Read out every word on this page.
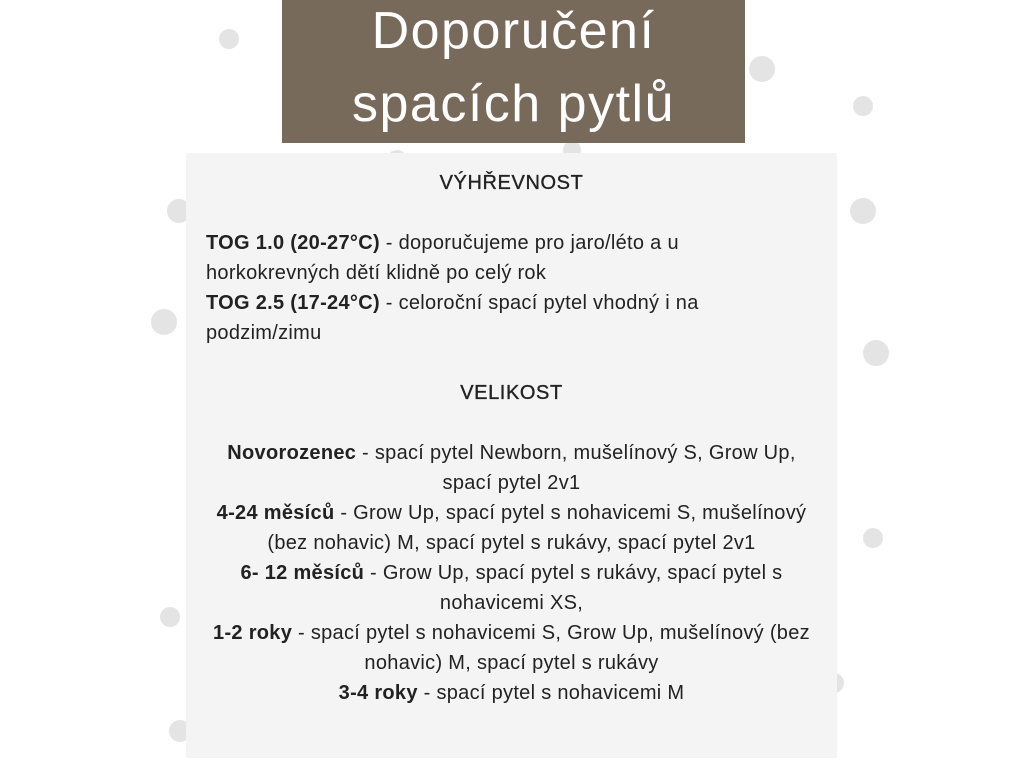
Doporučení
spacích pytlů
VÝHŘEVNOST
TOG 1.0 (20-27°C) - doporučujeme pro jaro/léto a u horkokrevných dětí klidně po celý rok
TOG 2.5 (17-24°C) - celoroční spací pytel vhodný i na podzim/zimu
VELIKOST
Novorozenec - spací pytel Newborn, mušelínový S, Grow Up, spací pytel 2v1
4-24 měsíců - Grow Up, spací pytel s nohavicemi S, mušelínový (bez nohavic) M, spací pytel s rukávy, spací pytel 2v1
6- 12 měsíců - Grow Up, spací pytel s rukávy, spací pytel s nohavicemi XS,
1-2 roky - spací pytel s nohavicemi S, Grow Up, mušelínový (bez nohavic) M, spací pytel s rukávy
3-4 roky - spací pytel s nohavicemi M
